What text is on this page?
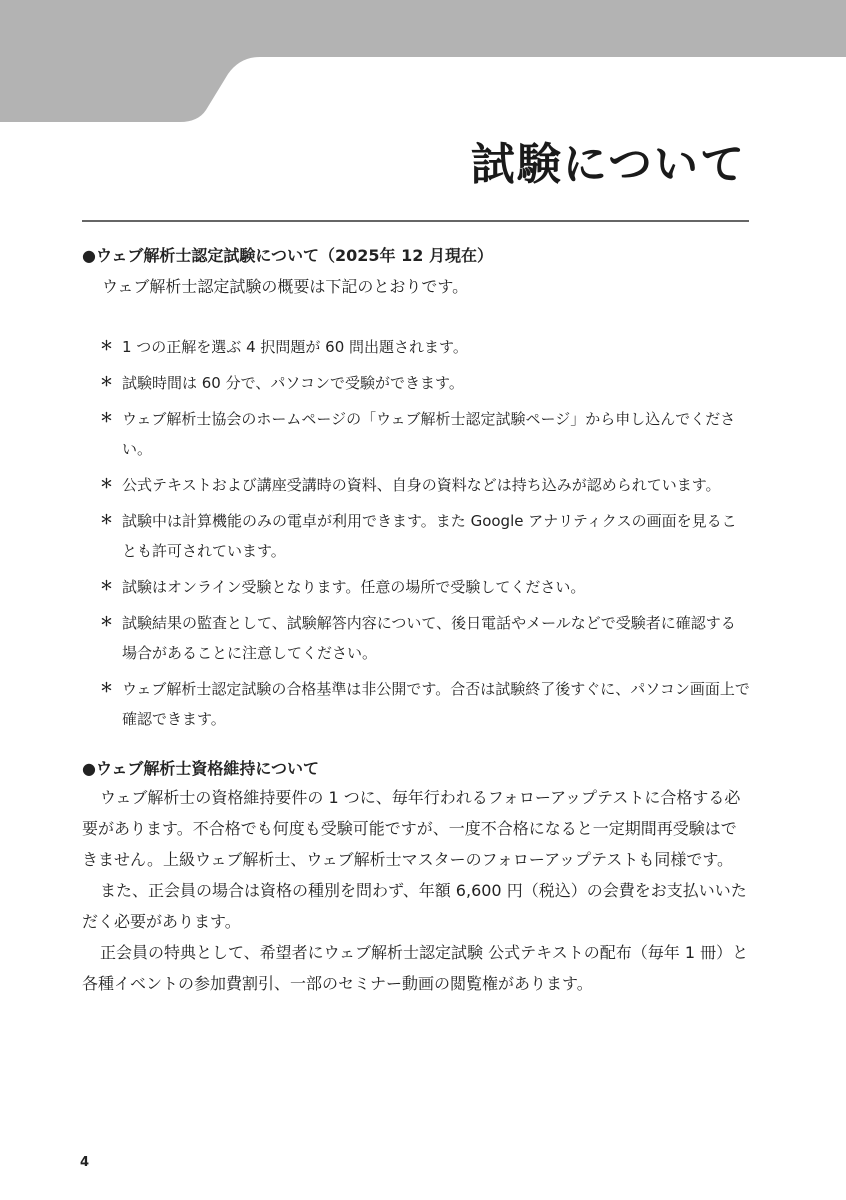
試験について
●ウェブ解析士認定試験について（2025年 12 月現在）

ウェブ解析士認定試験の概要は下記のとおりです。

＊ 1 つの正解を選ぶ 4 択問題が 60 問出題されます。
＊ 試験時間は 60 分で、パソコンで受験ができます。
＊ ウェブ解析士協会のホームページの「ウェブ解析士認定試験ページ」から申し込んでください。
＊ 公式テキストおよび講座受講時の資料、自身の資料などは持ち込みが認められています。
＊ 試験中は計算機能のみの電卓が利用できます。また Google アナリティクスの画面を見ることも許可されています。
＊ 試験はオンライン受験となります。任意の場所で受験してください。
＊ 試験結果の監査として、試験解答内容について、後日電話やメールなどで受験者に確認する場合があることに注意してください。
＊ ウェブ解析士認定試験の合格基準は非公開です。合否は試験終了後すぐに、パソコン画面上で確認できます。
●ウェブ解析士資格維持について

ウェブ解析士の資格維持要件の 1 つに、毎年行われるフォローアップテストに合格する必要があります。不合格でも何度も受験可能ですが、一度不合格になると一定期間再受験はできません。上級ウェブ解析士、ウェブ解析士マスターのフォローアップテストも同様です。

また、正会員の場合は資格の種別を問わず、年額 6,600 円（税込）の会費をお支払いいただく必要があります。

正会員の特典として、希望者にウェブ解析士認定試験 公式テキストの配布（毎年 1 冊）と各種イベントの参加費割引、一部のセミナー動画の閲覧権があります。

4
